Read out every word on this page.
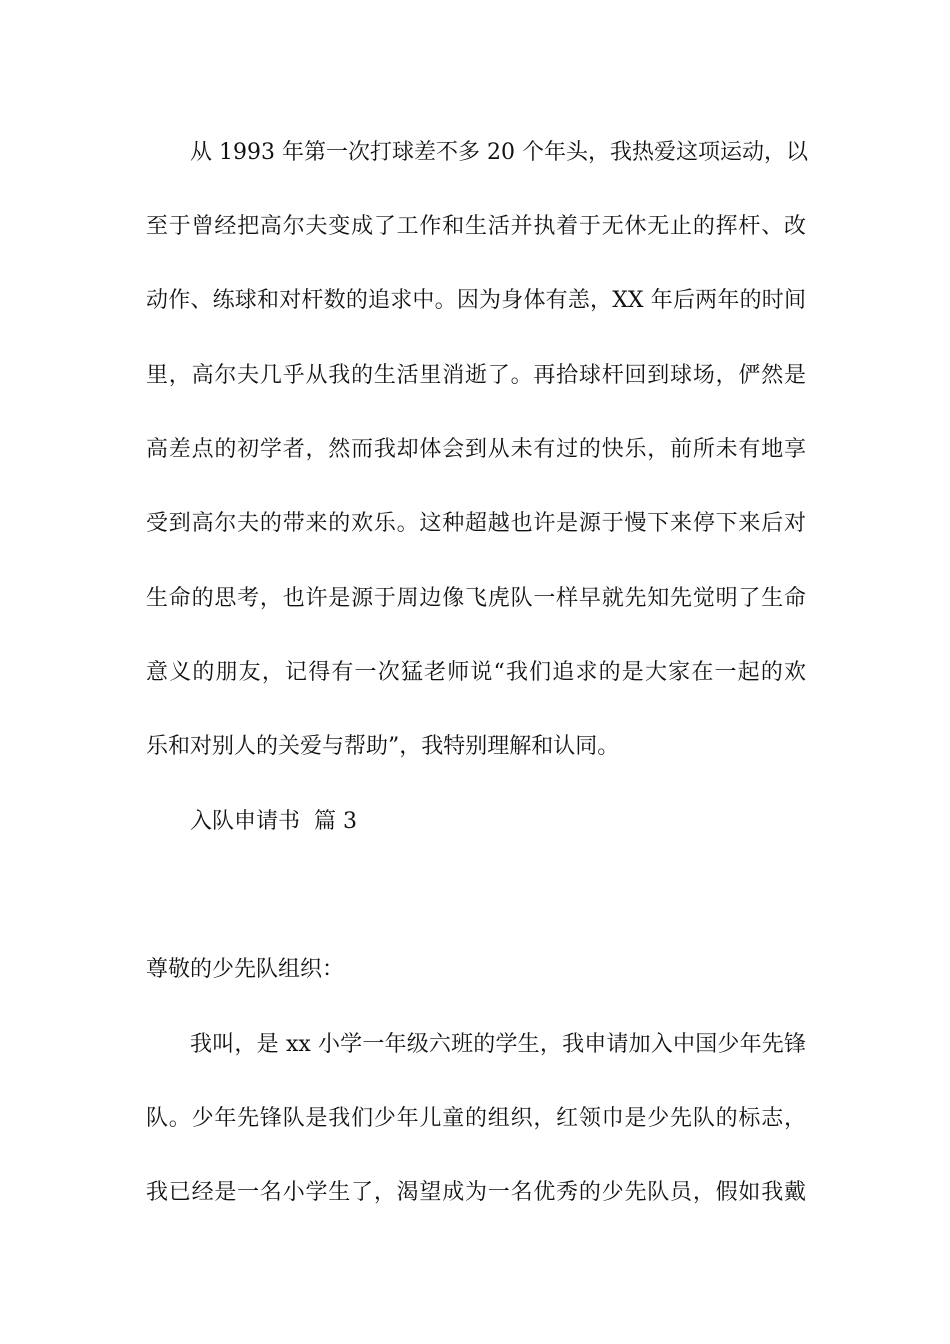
从 1993 年第一次打球差不多 20 个年头，我热爱这项运动，以
至于曾经把高尔夫变成了工作和生活并执着于无休无止的挥杆、改
动作、练球和对杆数的追求中。因为身体有恙，XX 年后两年的时间
里，高尔夫几乎从我的生活里消逝了。再拾球杆回到球场，俨然是
高差点的初学者，然而我却体会到从未有过的快乐，前所未有地享
受到高尔夫的带来的欢乐。这种超越也许是源于慢下来停下来后对
生命的思考，也许是源于周边像飞虎队一样早就先知先觉明了生命
意义的朋友，记得有一次猛老师说“我们追求的是大家在一起的欢
乐和对别人的关爱与帮助”，我特别理解和认同。
入队申请书  篇 3
尊敬的少先队组织：
我叫，是 xx 小学一年级六班的学生，我申请加入中国少年先锋
队。少年先锋队是我们少年儿童的组织，红领巾是少先队的标志，
我已经是一名小学生了，渴望成为一名优秀的少先队员，假如我戴
